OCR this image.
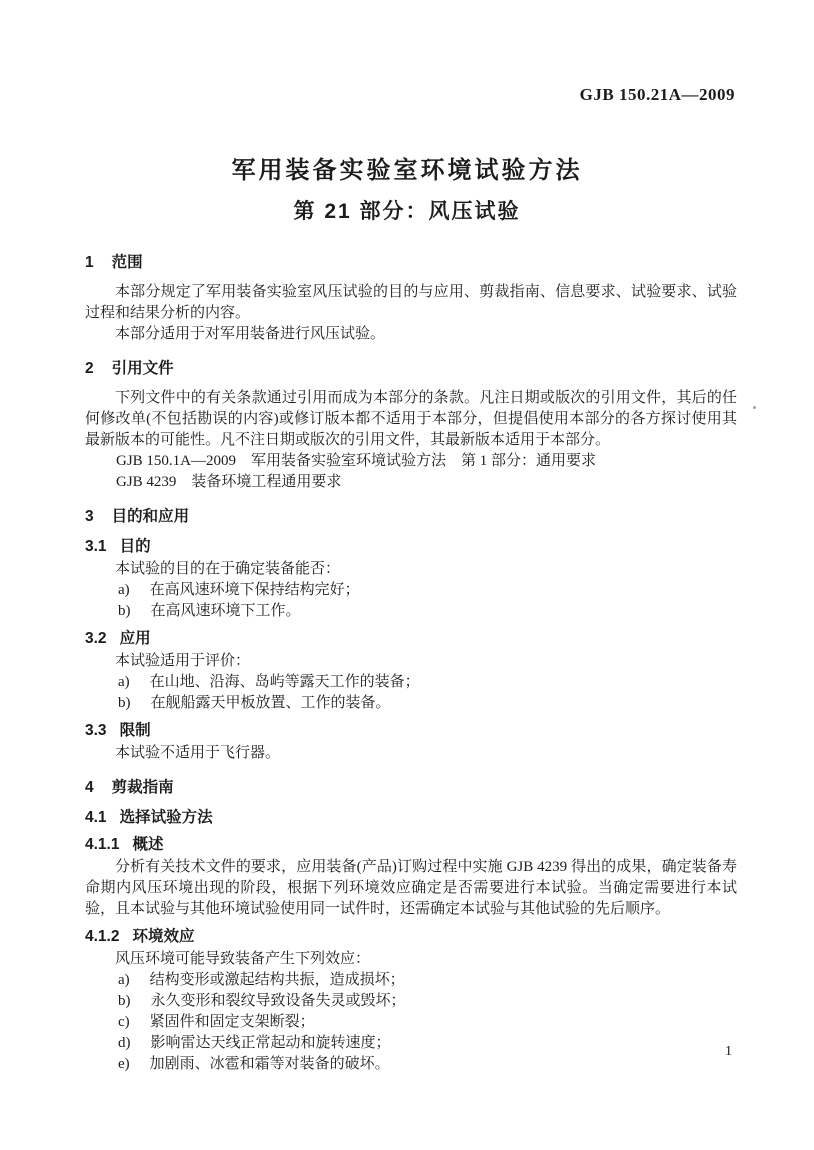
GJB 150.21A—2009
军用装备实验室环境试验方法
第 21 部分：风压试验
1 范围

本部分规定了军用装备实验室风压试验的目的与应用、剪裁指南、信息要求、试验要求、试验过程和结果分析的内容。

本部分适用于对军用装备进行风压试验。

2 引用文件

下列文件中的有关条款通过引用而成为本部分的条款。凡注日期或版次的引用文件，其后的任何修改单(不包括勘误的内容)或修订版本都不适用于本部分，但提倡使用本部分的各方探讨使用其最新版本的可能性。凡不注日期或版次的引用文件，其最新版本适用于本部分。

GJB 150.1A—2009　军用装备实验室环境试验方法　第 1 部分：通用要求

GJB 4239　装备环境工程通用要求

3 目的和应用
3.1 目的

本试验的目的在于确定装备能否：

a) 在高风速环境下保持结构完好；
b) 在高风速环境下工作。
3.2 应用

本试验适用于评价：

a) 在山地、沿海、岛屿等露天工作的装备；
b) 在舰船露天甲板放置、工作的装备。
3.3 限制

本试验不适用于飞行器。

4 剪裁指南
4.1 选择试验方法
4.1.1 概述

分析有关技术文件的要求，应用装备(产品)订购过程中实施 GJB 4239 得出的成果，确定装备寿命期内风压环境出现的阶段，根据下列环境效应确定是否需要进行本试验。当确定需要进行本试验，且本试验与其他环境试验使用同一试件时，还需确定本试验与其他试验的先后顺序。

4.1.2 环境效应

风压环境可能导致装备产生下列效应：

a) 结构变形或激起结构共振，造成损坏；
b) 永久变形和裂纹导致设备失灵或毁坏；
c) 紧固件和固定支架断裂；
d) 影响雷达天线正常起动和旋转速度；
e) 加剧雨、冰雹和霜等对装备的破坏。
1
